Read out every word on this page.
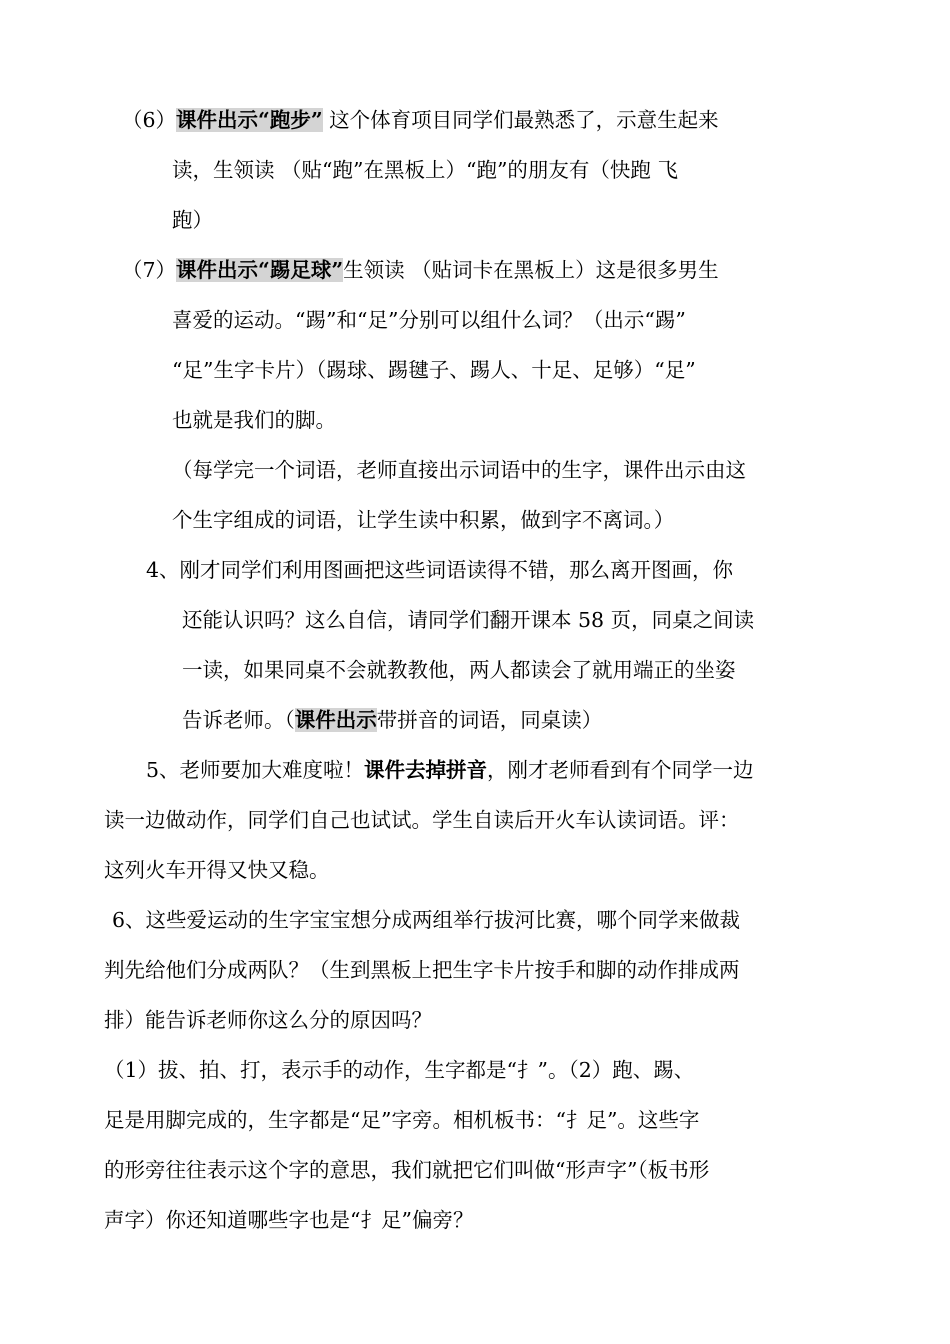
（6）课件出示“跑步” 这个体育项目同学们最熟悉了，示意生起来
读，生领读 （贴“跑”在黑板上）“跑”的朋友有（快跑 飞
跑）
（7）课件出示“踢足球”生领读 （贴词卡在黑板上）这是很多男生
喜爱的运动。“踢”和“足”分别可以组什么词？（出示“踢”
“足”生字卡片）（踢球、踢毽子、踢人、十足、足够）“足”
也就是我们的脚。
（每学完一个词语，老师直接出示词语中的生字，课件出示由这
个生字组成的词语，让学生读中积累，做到字不离词。）
4、刚才同学们利用图画把这些词语读得不错，那么离开图画，你
还能认识吗？这么自信，请同学们翻开课本 58 页，同桌之间读
一读，如果同桌不会就教教他，两人都读会了就用端正的坐姿
告诉老师。（课件出示带拼音的词语，同桌读）
5、老师要加大难度啦！课件去掉拼音，刚才老师看到有个同学一边
读一边做动作，同学们自己也试试。学生自读后开火车认读词语。评：
这列火车开得又快又稳。
6、这些爱运动的生字宝宝想分成两组举行拔河比赛，哪个同学来做裁
判先给他们分成两队？（生到黑板上把生字卡片按手和脚的动作排成两
排）能告诉老师你这么分的原因吗？
（1）拔、拍、打，表示手的动作，生字都是“扌”。（2）跑、踢、
足是用脚完成的，生字都是“足”字旁。相机板书：“扌足”。这些字
的形旁往往表示这个字的意思，我们就把它们叫做“形声字”（板书形
声字）你还知道哪些字也是“扌足”偏旁？
